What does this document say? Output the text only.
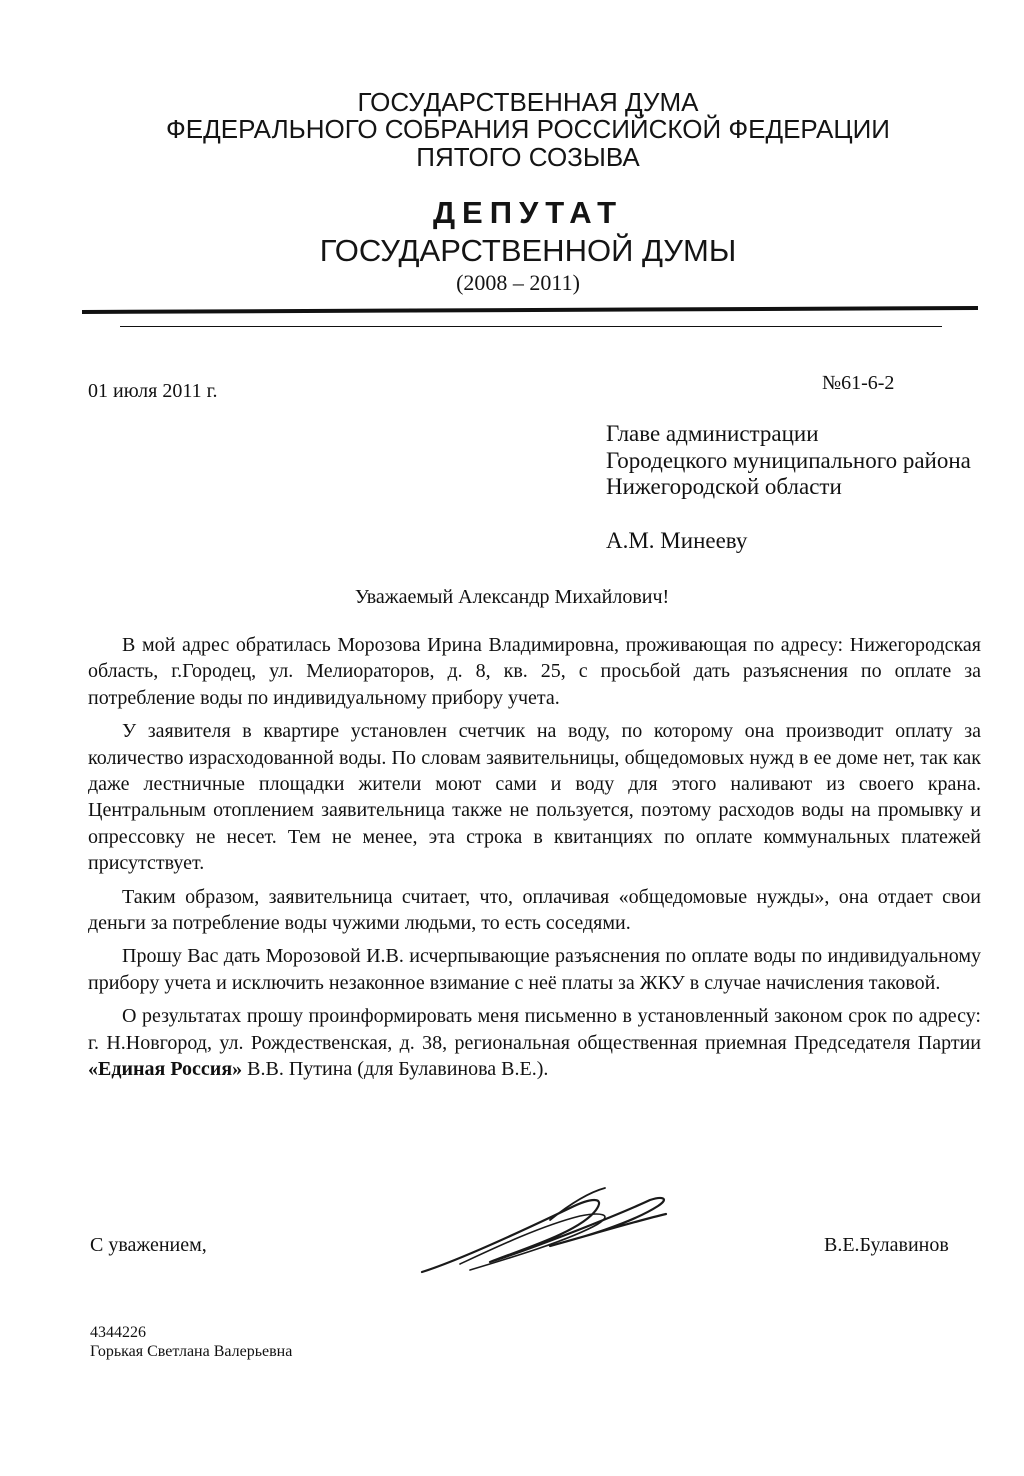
ГОСУДАРСТВЕННАЯ ДУМА
ФЕДЕРАЛЬНОГО СОБРАНИЯ РОССИЙСКОЙ ФЕДЕРАЦИИ
ПЯТОГО СОЗЫВА
ДЕПУТАТ
ГОСУДАРСТВЕННОЙ ДУМЫ
(2008 – 2011)
01 июля 2011 г.	№61-6-2
Главе администрации
Городецкого муниципального района
Нижегородской области
А.М. Минееву
Уважаемый Александр Михайлович!

В мой адрес обратилась Морозова Ирина Владимировна, проживающая по адресу: Нижегородская область, г.Городец, ул. Мелиораторов, д. 8, кв. 25, с просьбой дать разъяснения по оплате за потребление воды по индивидуальному прибору учета.

У заявителя в квартире установлен счетчик на воду, по которому она производит оплату за количество израсходованной воды. По словам заявительницы, общедомовых нужд в ее доме нет, так как даже лестничные площадки жители моют сами и воду для этого наливают из своего крана. Центральным отоплением заявительница также не пользуется, поэтому расходов воды на промывку и опрессовку не несет. Тем не менее, эта строка в квитанциях по оплате коммунальных платежей присутствует.

Таким образом, заявительница считает, что, оплачивая «общедомовые нужды», она отдает свои деньги за потребление воды чужими людьми, то есть соседями.

Прошу Вас дать Морозовой И.В. исчерпывающие разъяснения по оплате воды по индивидуальному прибору учета и исключить незаконное взимание с неё платы за ЖКУ в случае начисления таковой.

О результатах прошу проинформировать меня письменно в установленный законом срок по адресу: г. Н.Новгород, ул. Рождественская, д. 38, региональная общественная приемная Председателя Партии «Единая Россия» В.В. Путина (для Булавинова В.Е.).

С уважением,	В.Е.Булавинов
4344226
Горькая Светлана Валерьевна
